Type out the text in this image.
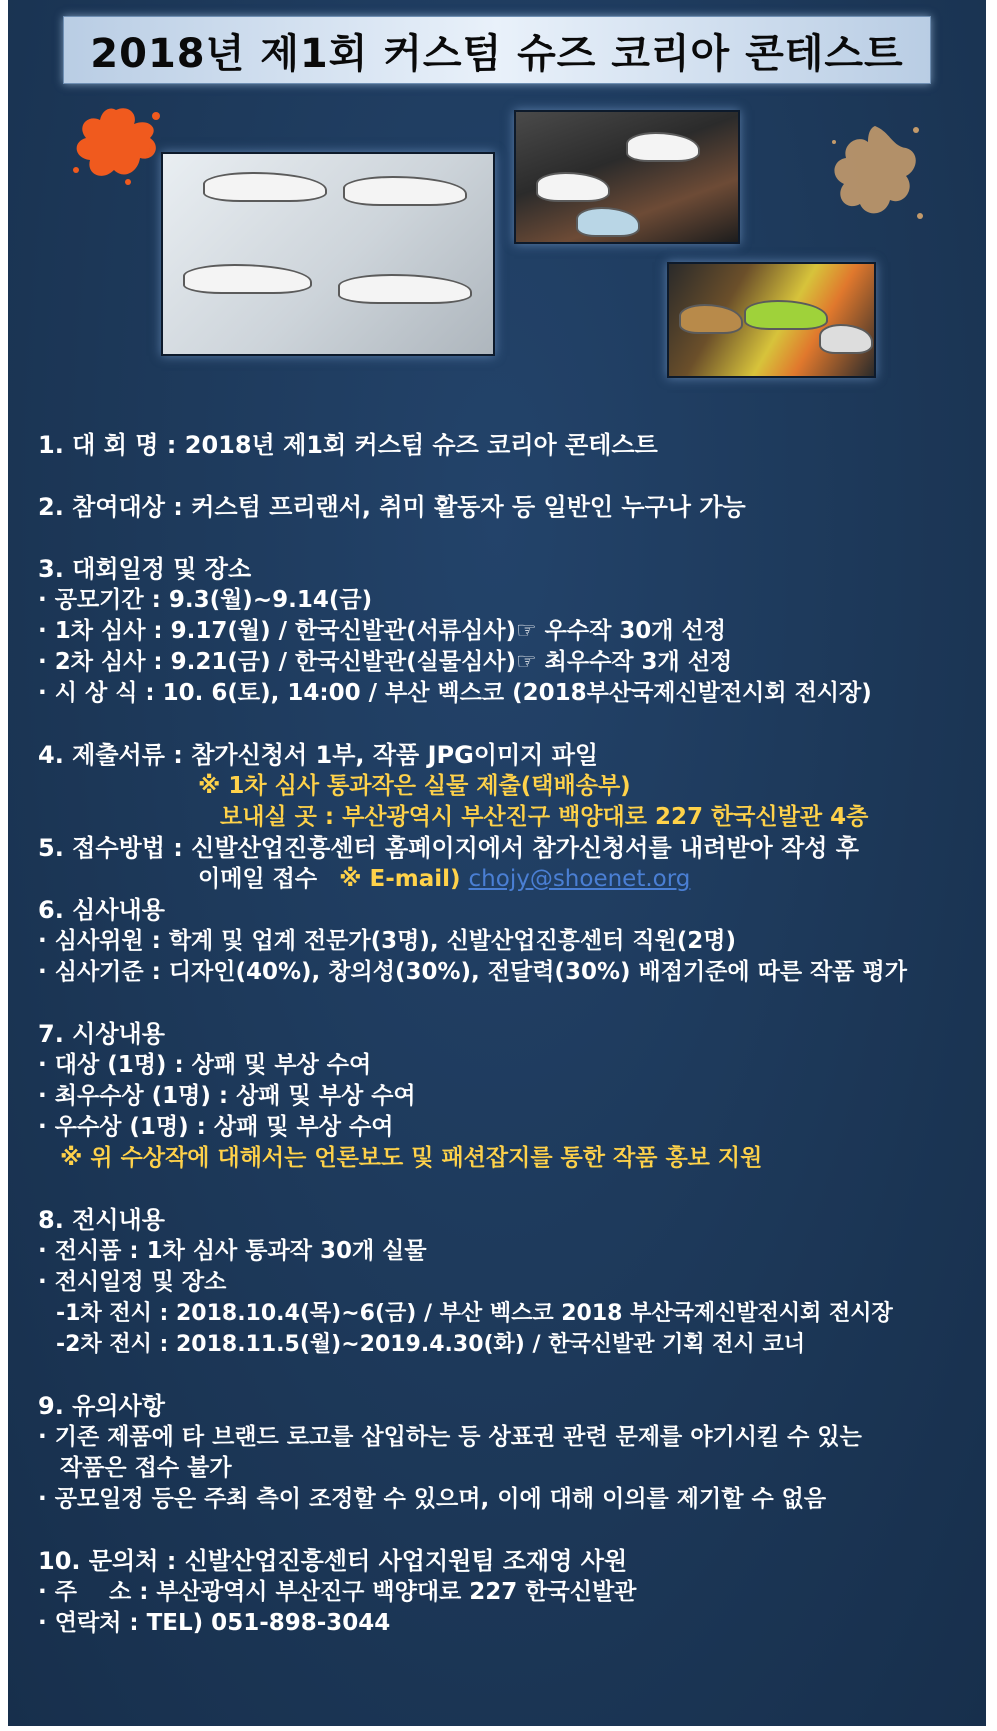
2018년 제1회 커스텀 슈즈 코리아 콘테스트
1. 대 회 명 : 2018년 제1회 커스텀 슈즈 코리아 콘테스트
2. 참여대상 : 커스텀 프리랜서, 취미 활동자 등 일반인 누구나 가능
3. 대회일정 및 장소
· 공모기간 : 9.3(월)~9.14(금)
· 1차 심사 : 9.17(월) / 한국신발관(서류심사)☞ 우수작 30개 선정
· 2차 심사 : 9.21(금) / 한국신발관(실물심사)☞ 최우수작 3개 선정
· 시 상 식 : 10. 6(토), 14:00 / 부산 벡스코 (2018부산국제신발전시회 전시장)
4. 제출서류 : 참가신청서 1부, 작품 JPG이미지 파일
※ 1차 심사 통과작은 실물 제출(택배송부)
보내실 곳 : 부산광역시 부산진구 백양대로 227 한국신발관 4층
5. 접수방법 : 신발산업진흥센터 홈페이지에서 참가신청서를 내려받아 작성 후
이메일 접수 ※ E-mail) chojy@shoenet.org
6. 심사내용
· 심사위원 : 학계 및 업계 전문가(3명), 신발산업진흥센터 직원(2명)
· 심사기준 : 디자인(40%), 창의성(30%), 전달력(30%) 배점기준에 따른 작품 평가
7. 시상내용
· 대상 (1명) : 상패 및 부상 수여
· 최우수상 (1명) : 상패 및 부상 수여
· 우수상 (1명) : 상패 및 부상 수여
※ 위 수상작에 대해서는 언론보도 및 패션잡지를 통한 작품 홍보 지원
8. 전시내용
· 전시품 : 1차 심사 통과작 30개 실물
· 전시일정 및 장소
-1차 전시 : 2018.10.4(목)~6(금) / 부산 벡스코 2018 부산국제신발전시회 전시장
-2차 전시 : 2018.11.5(월)~2019.4.30(화) / 한국신발관 기획 전시 코너
9. 유의사항
· 기존 제품에 타 브랜드 로고를 삽입하는 등 상표권 관련 문제를 야기시킬 수 있는
작품은 접수 불가
· 공모일정 등은 주최 측이 조정할 수 있으며, 이에 대해 이의를 제기할 수 없음
10. 문의처 : 신발산업진흥센터 사업지원팀 조재영 사원
· 주    소 : 부산광역시 부산진구 백양대로 227 한국신발관
· 연락처 : TEL) 051-898-3044
